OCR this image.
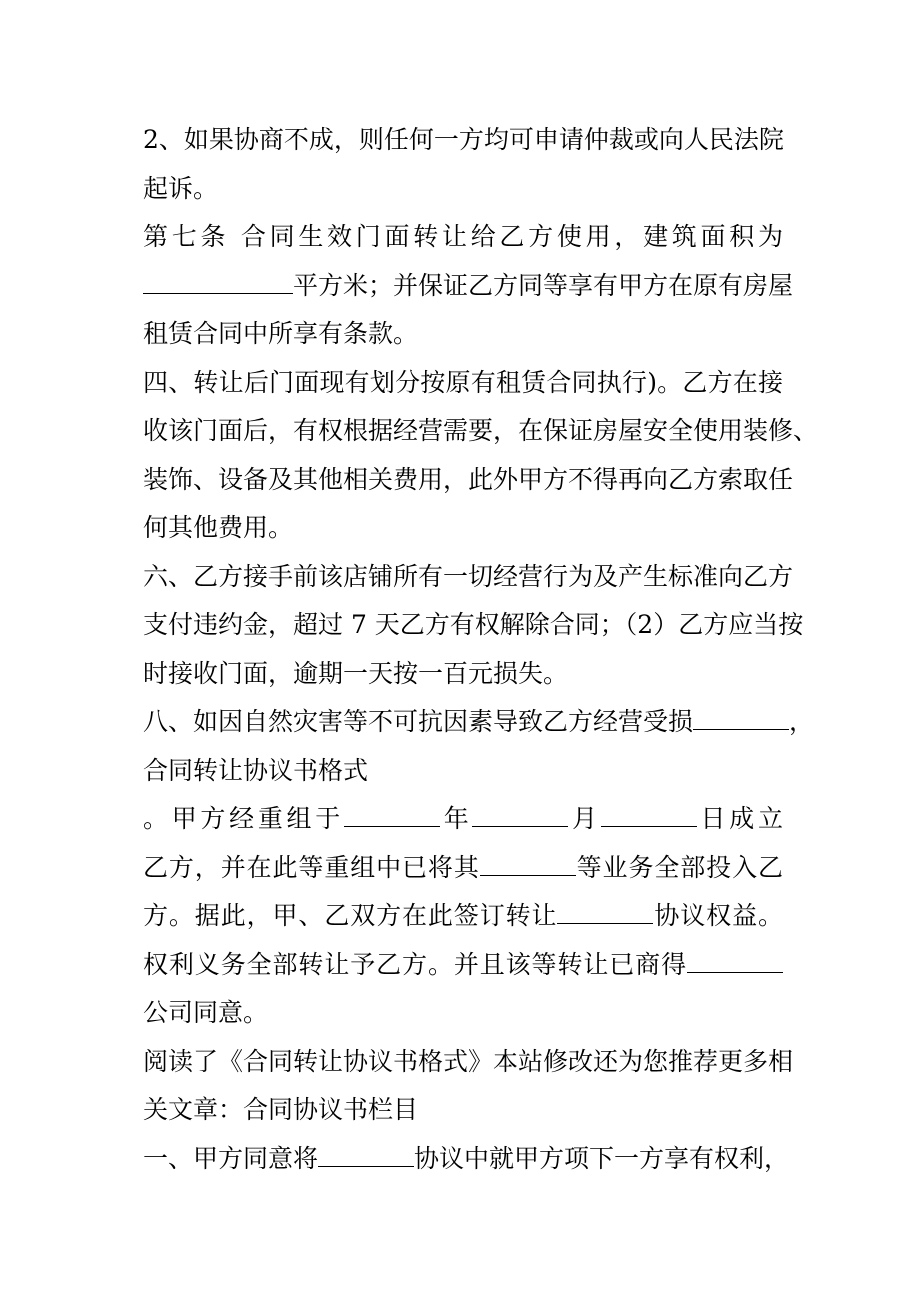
2、如果协商不成，则任何一方均可申请仲裁或向人民法院
起诉。
第七条 合同生效门面转让给乙方使用，建筑面积为
平方米；并保证乙方同等享有甲方在原有房屋
租赁合同中所享有条款。
四、转让后门面现有划分按原有租赁合同执行)。乙方在接
收该门面后，有权根据经营需要，在保证房屋安全使用装修、
装饰、设备及其他相关费用，此外甲方不得再向乙方索取任
何其他费用。
六、乙方接手前该店铺所有一切经营行为及产生标准向乙方
支付违约金，超过 7 天乙方有权解除合同；（2）乙方应当按
时接收门面，逾期一天按一百元损失。
八、如因自然灾害等不可抗因素导致乙方经营受损	，
合同转让协议书格式
。甲方经重组于	年	月	日成立
乙方，并在此等重组中已将其	等业务全部投入乙
方。据此，甲、乙双方在此签订转让	协议权益。
权利义务全部转让予乙方。并且该等转让已商得
公司同意。
阅读了《合同转让协议书格式》本站修改还为您推荐更多相
关文章：合同协议书栏目
一、甲方同意将	协议中就甲方项下一方享有权利，
